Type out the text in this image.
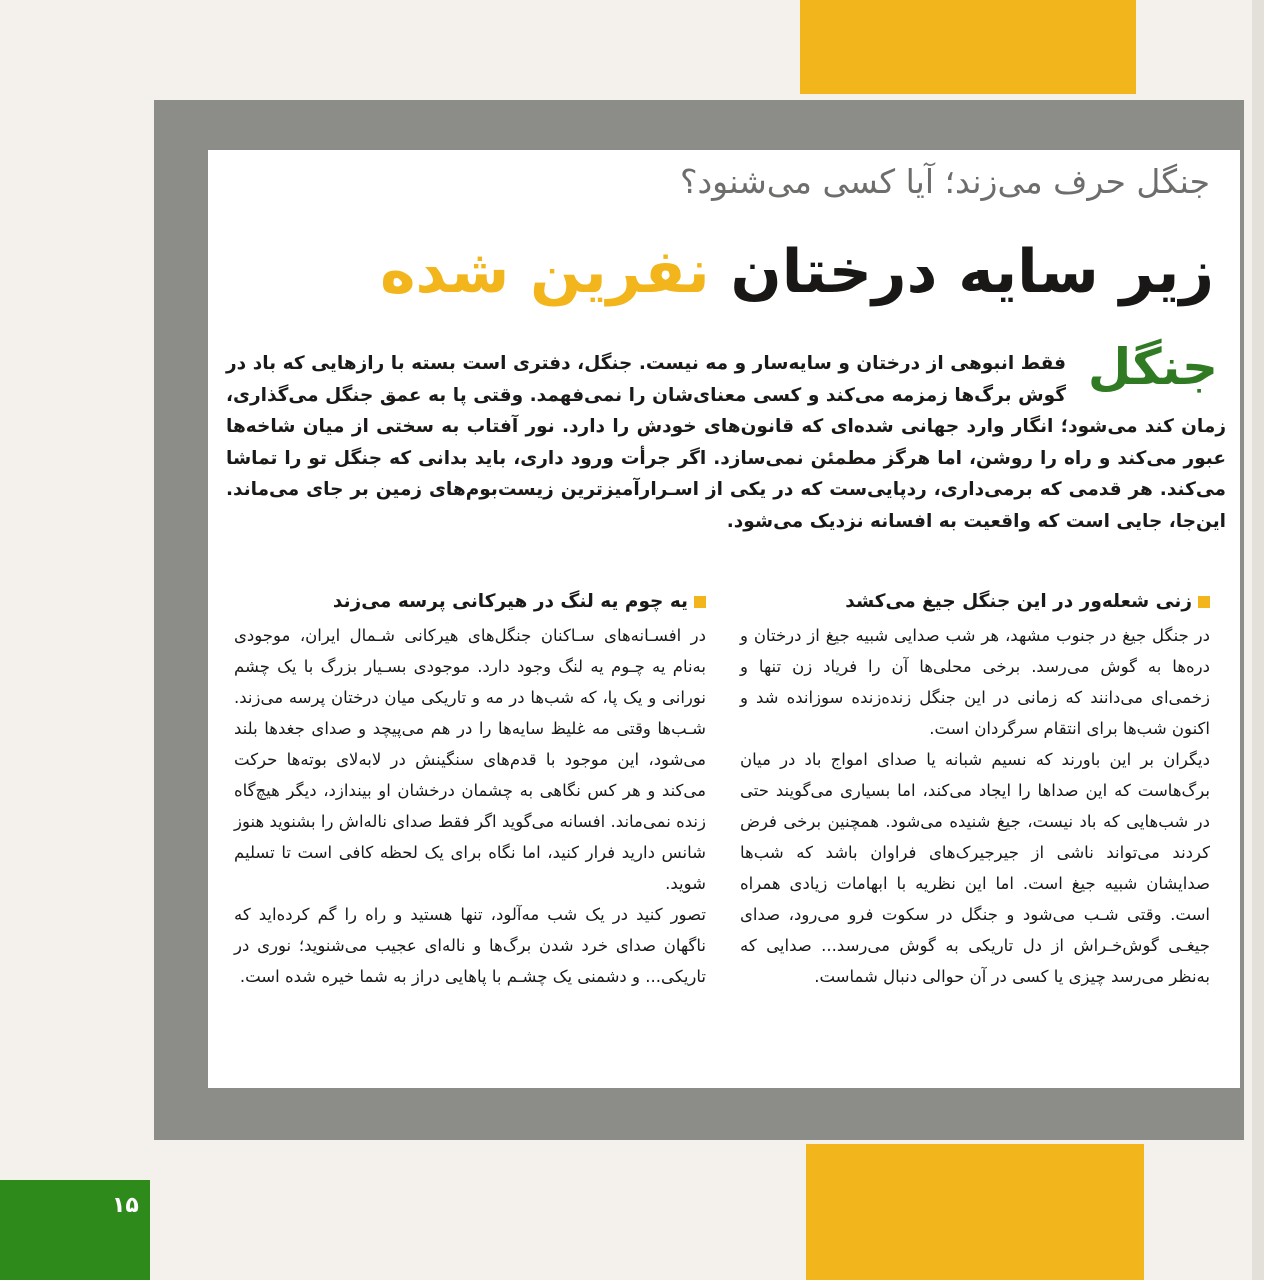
جنگل حرف می‌زند؛ آیا کسی می‌شنود؟
زیر سایه درختان نفرین شده
جنگل
فقط انبوهی از درختان و سایه‌سار و مه نیست. جنگل، دفتری است بسته با رازهایی که باد در گوش برگ‌ها زمزمه می‌کند و کسی معنای‌شان را نمی‌فهمد. وقتی پا به عمق جنگل می‌گذاری، زمان کند می‌شود؛ انگار وارد جهانی شده‌ای که قانون‌های خودش را دارد. نور آفتاب به سختی از میان شاخه‌ها عبور می‌کند و راه را روشن، اما هرگز مطمئن نمی‌سازد. اگر جرأت ورود داری، باید بدانی که جنگل تو را تماشا می‌کند. هر قدمی که برمی‌داری، ردپایی‌ست که در یکی از اسـرارآمیزترین زیست‌بوم‌های زمین بر جای می‌ماند. این‌جا، جایی است که واقعیت به افسانه نزدیک می‌شود.
زنی شعله‌ور در این جنگل جیغ می‌کشد

در جنگل جیغ در جنوب مشهد، هر شب صدایی شبیه جیغ از درختان و دره‌ها به گوش می‌رسد. برخی محلی‌ها آن را فریاد زن تنها و زخمی‌ای می‌دانند که زمانی در این جنگل زنده‌زنده سوزانده شد و اکنون شب‌ها برای انتقام سرگردان است.

دیگران بر این باورند که نسیم شبانه یا صدای امواج باد در میان برگ‌هاست که این صداها را ایجاد می‌کند، اما بسیاری می‌گویند حتی در شب‌هایی که باد نیست، جیغ شنیده می‌شود. همچنین برخی فرض کردند می‌تواند ناشی از جیرجیرک‌های فراوان باشد که شب‌ها صدایشان شبیه جیغ است. اما این نظریه با ابهامات زیادی همراه است. وقتی شـب می‌شود و جنگل در سکوت فرو می‌رود، صدای جیغـی گوش‌خـراش از دل تاریکی به گوش می‌رسد... صدایی که به‌نظر می‌رسد چیزی یا کسی در آن حوالی دنبال شماست.

یه چوم یه لنگ در هیرکانی پرسه می‌زند

در افسـانه‌های سـاکنان جنگل‌های هیرکانی شـمال ایران، موجودی به‌نام یه چـوم یه لنگ وجود دارد. موجودی بسـیار بزرگ با یک چشم نورانی و یک پا، که شب‌ها در مه و تاریکی میان درختان پرسه می‌زند. شـب‌ها وقتی مه غلیظ سایه‌ها را در هم می‌پیچد و صدای جغدها بلند می‌شود، این موجود با قدم‌های سنگینش در لابه‌لای بوته‌ها حرکت می‌کند و هر کس نگاهی به چشمان درخشان او بیندازد، دیگر هیچ‌گاه زنده نمی‌ماند. افسانه می‌گوید اگر فقط صدای ناله‌اش را بشنوید هنوز شانس دارید فرار کنید، اما نگاه برای یک لحظه کافی است تا تسلیم شوید.

تصور کنید در یک شب مه‌آلود، تنها هستید و راه را گم کرده‌اید که ناگهان صدای خرد شدن برگ‌ها و ناله‌ای عجیب می‌شنوید؛ نوری در تاریکی... و دشمنی یک چشـم با پاهایی دراز به شما خیره شده است.

۱۵
